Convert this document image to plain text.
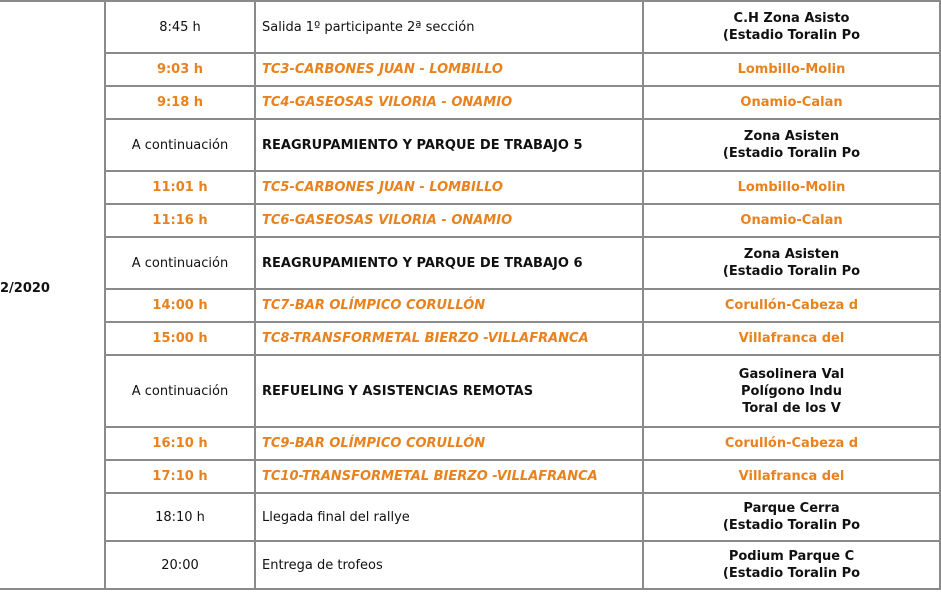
2/2020	8:45 h	Salida 1º participante 2ª sección	C.H Zona Asisto
(Estadio Toralin Po

	9:03 h	TC3-CARBONES JUAN - LOMBILLO	Lombillo-Molin

	9:18 h	TC4-GASEOSAS VILORIA - ONAMIO	Onamio-Calan

	A continuación	REAGRUPAMIENTO Y PARQUE DE TRABAJO 5	Zona Asisten
(Estadio Toralin Po

	11:01 h	TC5-CARBONES JUAN - LOMBILLO	Lombillo-Molin

	11:16 h	TC6-GASEOSAS VILORIA - ONAMIO	Onamio-Calan

	A continuación	REAGRUPAMIENTO Y PARQUE DE TRABAJO 6	Zona Asisten
(Estadio Toralin Po

	14:00 h	TC7-BAR OLÍMPICO CORULLÓN	Corullón-Cabeza d

	15:00 h	TC8-TRANSFORMETAL BIERZO -VILLAFRANCA	Villafranca del

	A continuación	REFUELING Y ASISTENCIAS REMOTAS	Gasolinera Val
Polígono Indu
Toral de los V

	16:10 h	TC9-BAR OLÍMPICO CORULLÓN	Corullón-Cabeza d

	17:10 h	TC10-TRANSFORMETAL BIERZO -VILLAFRANCA	Villafranca del

	18:10 h	Llegada final del rallye	Parque Cerra
(Estadio Toralin Po

	20:00	Entrega de trofeos	Podium Parque C
(Estadio Toralin Po
